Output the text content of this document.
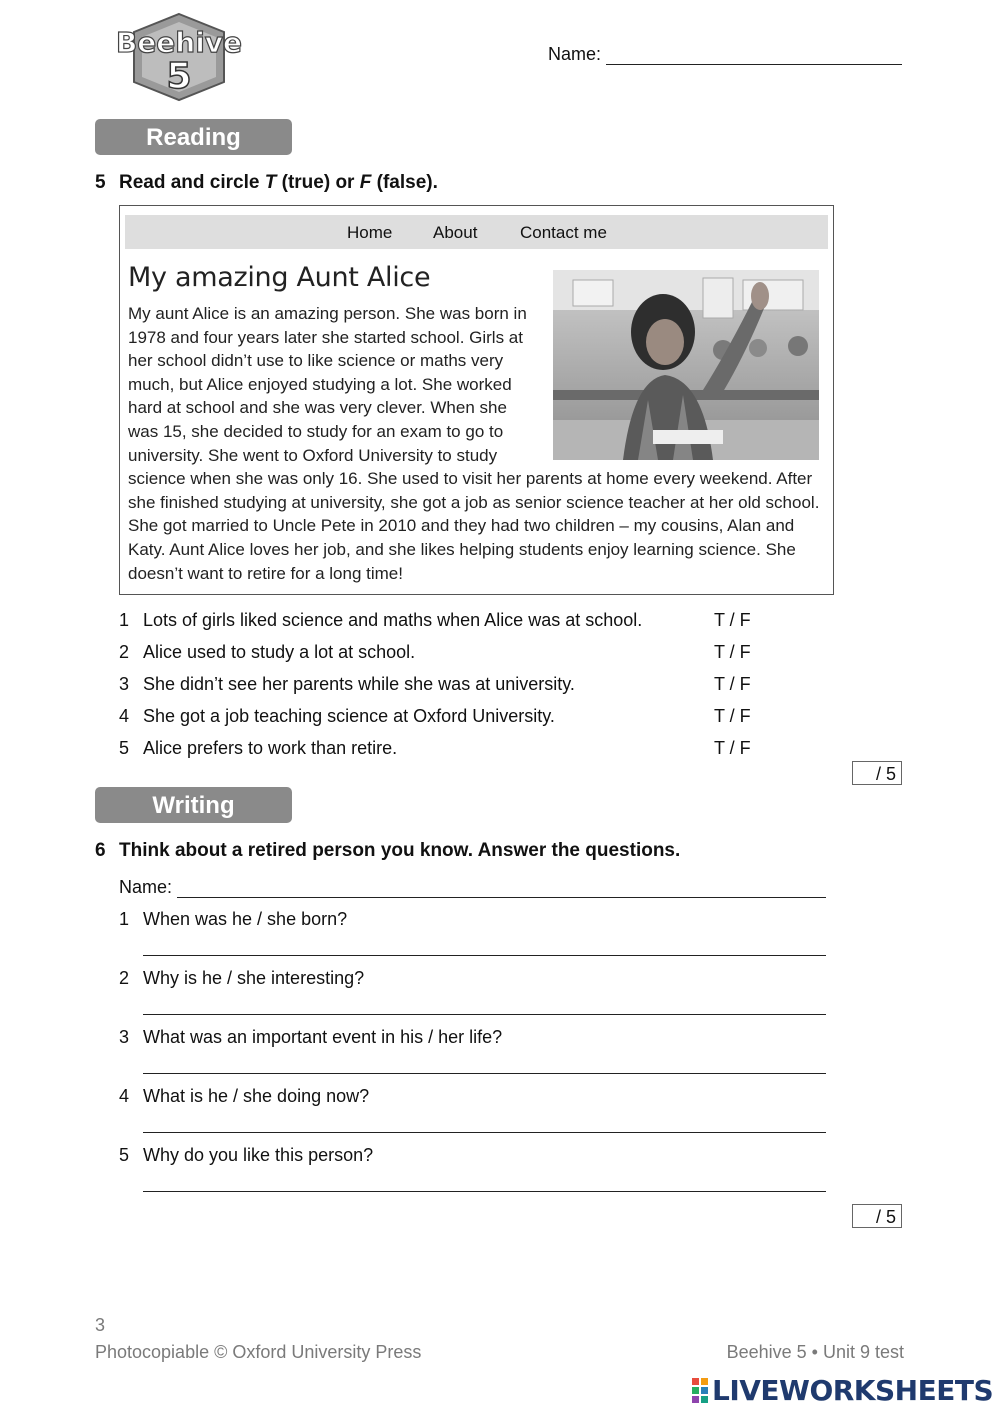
Beehive
5
Name:
Reading
5 Read and circle T (true) or F (false).
Home About	Contact me
My amazing Aunt Alice
My aunt Alice is an amazing person. She was born in 1978 and four years later she started school. Girls at her school didn’t use to like science or maths very much, but Alice enjoyed studying a lot. She worked hard at school and she was very clever. When she was 15, she decided to study for an exam to go to university. She went to Oxford University to study science when she was only 16. She used to visit her parents at home every weekend. After she finished studying at university, she got a job as senior science teacher at her old school. She got married to Uncle Pete in 2010 and they had two children – my cousins, Alan and Katy. Aunt Alice loves her job, and she likes helping students enjoy learning science. She doesn’t want to retire for a long time!
1 Lots of girls liked science and maths when Alice was at school.	T / F
2 Alice used to study a lot at school.	T / F
3 She didn’t see her parents while she was at university.	T / F
4 She got a job teaching science at Oxford University.	T / F
5 Alice prefers to work than retire.	T / F
/ 5
Writing
6 Think about a retired person you know. Answer the questions.
Name:
1 When was he / she born?
2 Why is he / she interesting?
3 What was an important event in his / her life?
4 What is he / she doing now?
5 Why do you like this person?
/ 5
3
Photocopiable © Oxford University Press	Beehive 5 • Unit 9 test
LIVEWORKSHEETS
